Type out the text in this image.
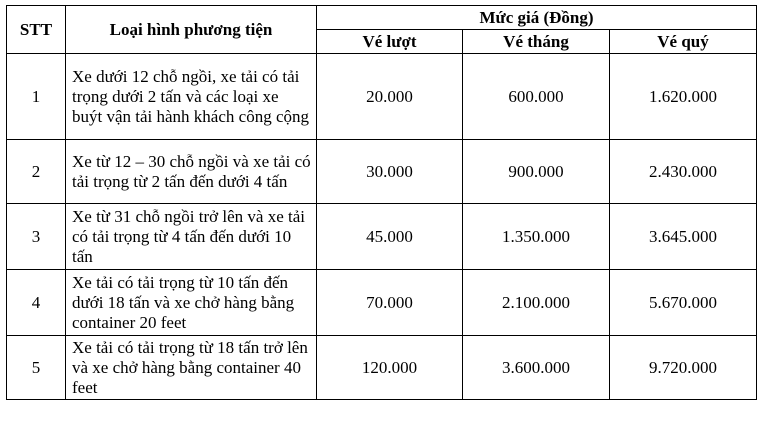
STT	Loại hình phương tiện	Mức giá (Đồng)		
		Vé lượt	Vé tháng	Vé quý
1	Xe dưới 12 chỗ ngồi, xe tải có tải trọng dưới 2 tấn và các loại xe buýt vận tải hành khách công cộng	20.000	600.000	1.620.000
2	Xe từ 12 – 30 chỗ ngồi và xe tải có tải trọng từ 2 tấn đến dưới 4 tấn	30.000	900.000	2.430.000
3	Xe từ 31 chỗ ngồi trở lên và xe tải có tải trọng từ 4 tấn đến dưới 10 tấn	45.000	1.350.000	3.645.000
4	Xe tải có tải trọng từ 10 tấn đến dưới 18 tấn và xe chở hàng bằng container 20 feet	70.000	2.100.000	5.670.000
5	Xe tải có tải trọng từ 18 tấn trở lên và xe chở hàng bằng container 40 feet	120.000	3.600.000	9.720.000
